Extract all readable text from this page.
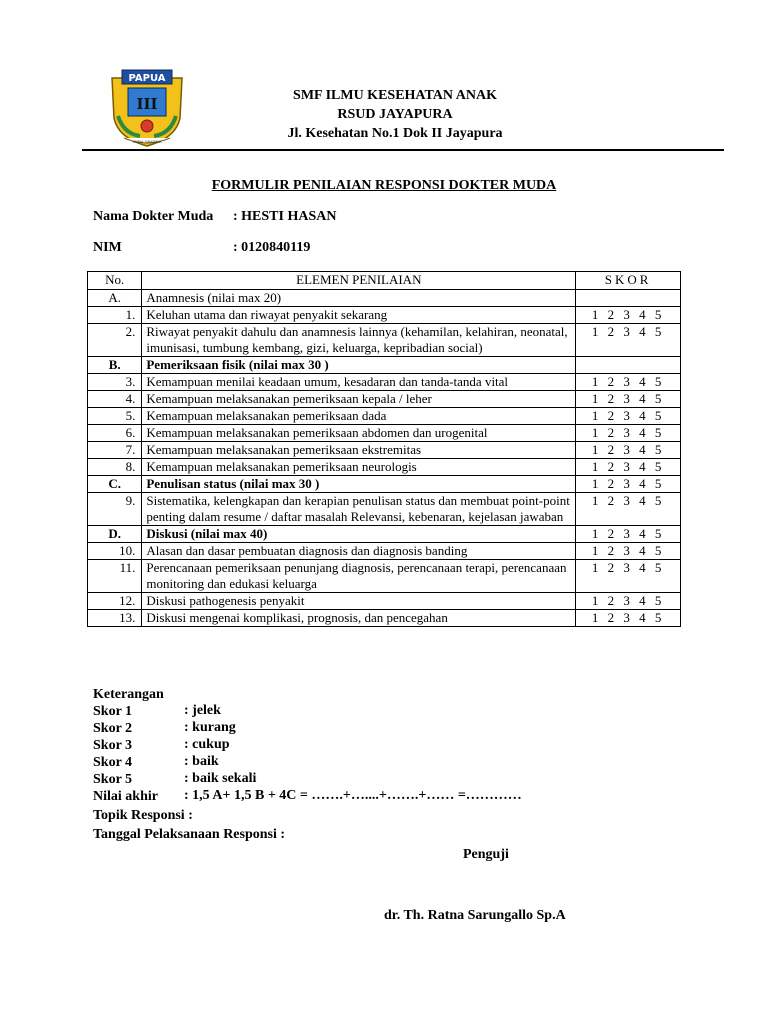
PAPUA
III
KARYA SWADAYA
SMF ILMU KESEHATAN ANAK
RSUD JAYAPURA
Jl. Kesehatan No.1 Dok II Jayapura
FORMULIR PENILAIAN RESPONSI DOKTER MUDA
Nama Dokter Muda : HESTI HASAN
NIM	: 0120840119
No.	ELEMEN PENILAIAN	SKOR
A.	Anamnesis (nilai max 20)	
1.	Keluhan utama dan riwayat penyakit sekarang	1 2 3 4 5
2.	Riwayat penyakit dahulu dan anamnesis lainnya (kehamilan, kelahiran, neonatal, imunisasi, tumbung kembang, gizi, keluarga, kepribadian social)	1 2 3 4 5
B.	Pemeriksaan fisik (nilai max 30 )	
3.	Kemampuan menilai keadaan umum, kesadaran dan tanda-tanda vital	1 2 3 4 5
4.	Kemampuan melaksanakan pemeriksaan kepala / leher	1 2 3 4 5
5.	Kemampuan melaksanakan pemeriksaan dada	1 2 3 4 5
6.	Kemampuan melaksanakan pemeriksaan abdomen dan urogenital	1 2 3 4 5
7.	Kemampuan melaksanakan pemeriksaan ekstremitas	1 2 3 4 5
8.	Kemampuan melaksanakan pemeriksaan neurologis	1 2 3 4 5
C.	Penulisan status (nilai max 30 )	1 2 3 4 5
9.	Sistematika, kelengkapan dan kerapian penulisan status dan membuat point-point penting dalam resume / daftar masalah Relevansi, kebenaran, kejelasan jawaban	1 2 3 4 5
D.	Diskusi (nilai max 40)	1 2 3 4 5
10.	Alasan dan dasar pembuatan diagnosis dan diagnosis banding	1 2 3 4 5
11.	Perencanaan pemeriksaan penunjang diagnosis, perencanaan terapi, perencanaan monitoring dan edukasi keluarga	1 2 3 4 5
12.	Diskusi pathogenesis penyakit	1 2 3 4 5
13.	Diskusi mengenai komplikasi, prognosis, dan pencegahan	1 2 3 4 5
Keterangan
Skor 1	: jelek
Skor 2	: kurang
Skor 3	: cukup
Skor 4	: baik
Skor 5	: baik sekali
Nilai akhir : 1,5 A+ 1,5 B + 4C = …….+…....+…….+…… =…………
Topik Responsi :
Tanggal Pelaksanaan Responsi :
Penguji
dr. Th. Ratna Sarungallo Sp.A
